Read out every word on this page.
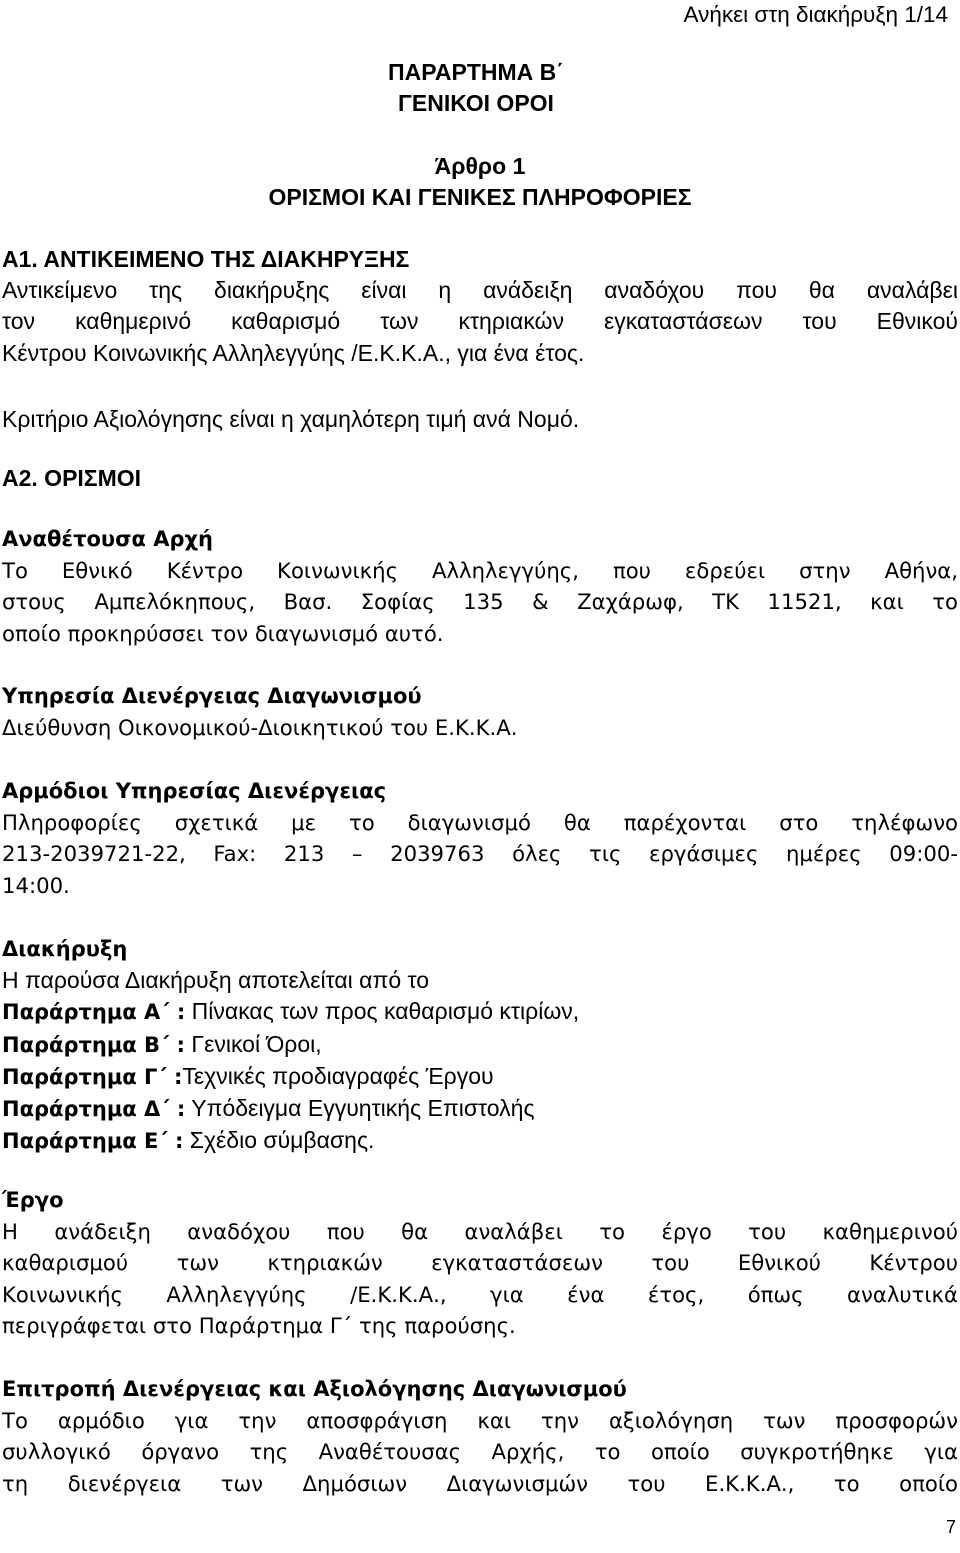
Ανήκει στη διακήρυξη 1/14
ΠΑΡΑΡΤΗΜΑ Β΄
ΓΕΝΙΚΟΙ ΟΡΟΙ
Άρθρο 1
ΟΡΙΣΜΟΙ ΚΑΙ ΓΕΝΙΚΕΣ ΠΛΗΡΟΦΟΡΙΕΣ
Α1. ΑΝΤΙΚΕΙΜΕΝΟ ΤΗΣ ΔΙΑΚΗΡΥΞΗΣ
Αντικείμενο της διακήρυξης είναι η ανάδειξη αναδόχου που θα αναλάβει
τον καθημερινό καθαρισμό των κτηριακών εγκαταστάσεων του Εθνικού
Κέντρου Κοινωνικής Αλληλεγγύης /Ε.Κ.Κ.Α., για ένα έτος.
Κριτήριο Αξιολόγησης είναι η χαμηλότερη τιμή ανά Νομό.
Α2. ΟΡΙΣΜΟΙ
Αναθέτουσα Αρχή
Το Εθνικό Κέντρο Κοινωνικής Αλληλεγγύης, που εδρεύει στην Αθήνα,
στους Αμπελόκηπους, Βασ. Σοφίας 135 & Ζαχάρωφ, ΤΚ 11521, και το
οποίο προκηρύσσει τον διαγωνισμό αυτό.
Υπηρεσία Διενέργειας Διαγωνισμού
Διεύθυνση Οικονομικού-Διοικητικού του Ε.Κ.Κ.Α.
Αρμόδιοι Υπηρεσίας Διενέργειας
Πληροφορίες σχετικά με το διαγωνισμό θα παρέχονται στο τηλέφωνο
213-2039721-22, Fax: 213 – 2039763 όλες τις εργάσιμες ημέρες 09:00-
14:00.
Διακήρυξη
Η παρούσα Διακήρυξη αποτελείται από το
Παράρτημα Α΄ : Πίνακας των προς καθαρισμό κτιρίων,
Παράρτημα Β΄ : Γενικοί Όροι,
Παράρτημα Γ΄ :Τεχνικές προδιαγραφές Έργου
Παράρτημα Δ΄ : Υπόδειγμα Εγγυητικής Επιστολής
Παράρτημα Ε΄ : Σχέδιο σύμβασης.
Έργο
Η ανάδειξη αναδόχου που θα αναλάβει το έργο του καθημερινού
καθαρισμού των κτηριακών εγκαταστάσεων του Εθνικού Κέντρου
Κοινωνικής Αλληλεγγύης /Ε.Κ.Κ.Α., για ένα έτος, όπως αναλυτικά
περιγράφεται στο Παράρτημα Γ΄ της παρούσης.
Επιτροπή Διενέργειας και Αξιολόγησης Διαγωνισμού
Το αρμόδιο για την αποσφράγιση και την αξιολόγηση των προσφορών
συλλογικό όργανο της Αναθέτουσας Αρχής, το οποίο συγκροτήθηκε για
τη διενέργεια των Δημόσιων Διαγωνισμών του Ε.Κ.Κ.Α., το οποίο
7
